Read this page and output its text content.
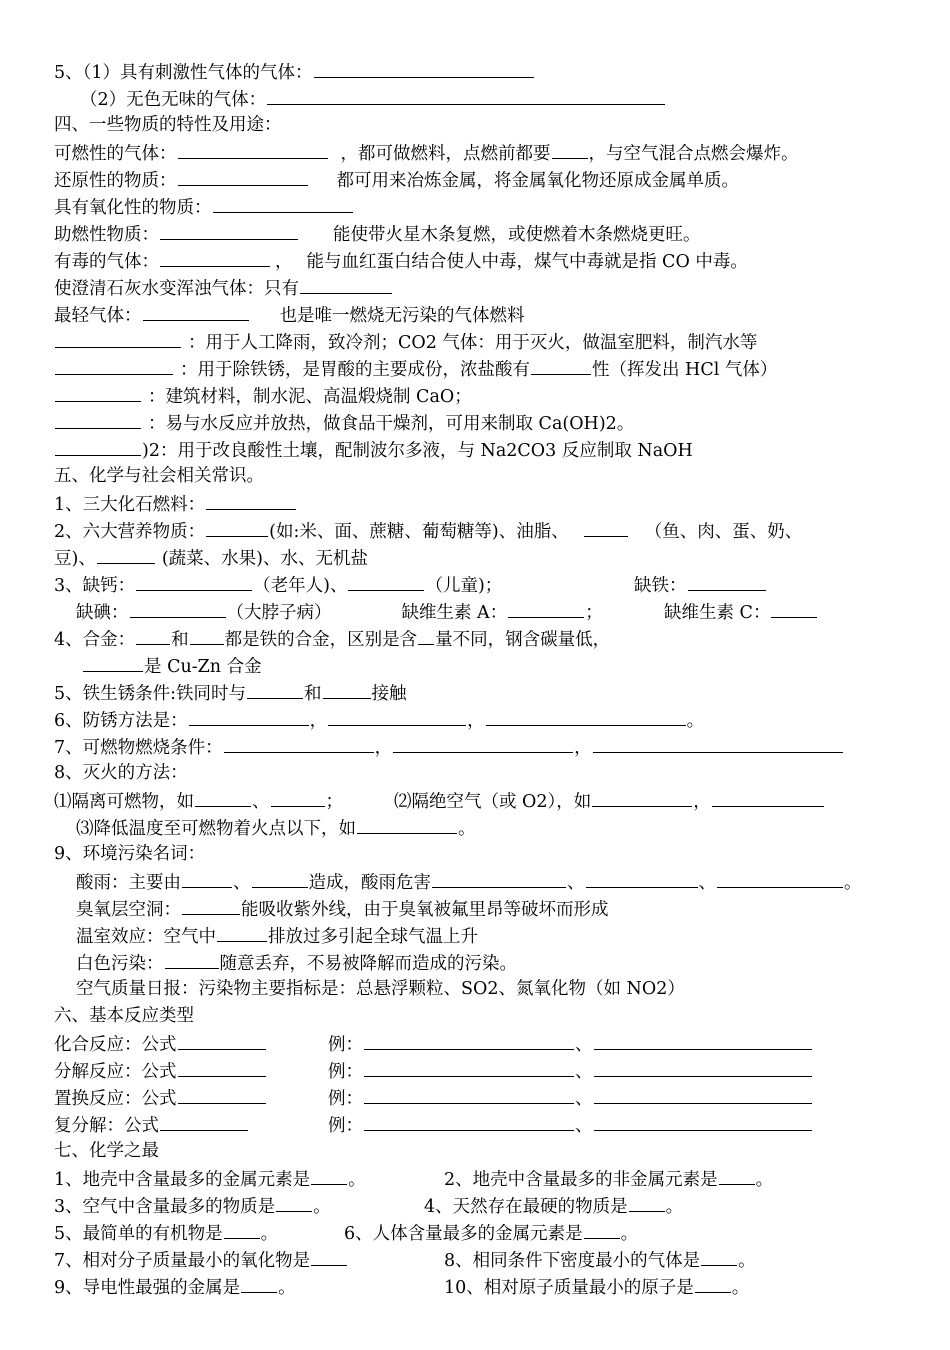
5、（1）具有刺激性气体的气体：
（2）无色无味的气体：
四、一些物质的特性及用途：
可燃性的气体：	，都可做燃料，点燃前都要 ，与空气混合点燃会爆炸。
还原性的物质：	都可用来冶炼金属，将金属氧化物还原成金属单质。
具有氧化性的物质：
助燃性物质：	能使带火星木条复燃，或使燃着木条燃烧更旺。
有毒的气体：	， 能与血红蛋白结合使人中毒，煤气中毒就是指 CO 中毒。
使澄清石灰水变浑浊气体：只有
最轻气体：	也是唯一燃烧无污染的气体燃料
：用于人工降雨，致冷剂；CO2 气体：用于灭火，做温室肥料，制汽水等
：用于除铁锈，是胃酸的主要成份，浓盐酸有	性（挥发出 HCl 气体）
：建筑材料，制水泥、高温煅烧制 CaO；
：易与水反应并放热，做食品干燥剂，可用来制取 Ca(OH)2。
)2：用于改良酸性土壤，配制波尔多液，与 Na2CO3 反应制取 NaOH
五、化学与社会相关常识。
1、三大化石燃料：
2、六大营养物质：	(如:米、面、蔗糖、葡萄糖等)、油脂、	（鱼、肉、蛋、奶、
豆)、	(蔬菜、水果)、水、无机盐
3、缺钙：	（老年人)、	（儿童)；	缺铁：
缺碘：	（大脖子病）	缺维生素 A：	；	缺维生素 C：
4、合金： 和 都是铁的合金，区别是含 量不同，钢含碳量低，
是 Cu-Zn 合金
5、铁生锈条件:铁同时与	和	接触
6、防锈方法是：	，	，	。
7、可燃物燃烧条件：	，	，
8、灭火的方法：
⑴隔离可燃物，如	、	；	⑵隔绝空气（或 O2），如	，
⑶降低温度至可燃物着火点以下，如	。
9、环境污染名词：
酸雨：主要由	、	造成，酸雨危害	、	、	。
臭氧层空洞：	能吸收紫外线，由于臭氧被氟里昂等破坏而形成
温室效应：空气中	排放过多引起全球气温上升
白色污染：	随意丢弃，不易被降解而造成的污染。
空气质量日报：污染物主要指标是：总悬浮颗粒、SO2、氮氧化物（如 NO2）
六、基本反应类型
化合反应：公式	例：	、
分解反应：公式	例：	、
置换反应：公式	例：	、
复分解：公式	例：	、
七、化学之最
1、地壳中含量最多的金属元素是 。	2、地壳中含量最多的非金属元素是 。
3、空气中含量最多的物质是 。	4、天然存在最硬的物质是 。
5、最简单的有机物是 。	6、人体含量最多的金属元素是 。
7、相对分子质量最小的氧化物是	8、相同条件下密度最小的气体是 。
9、导电性最强的金属是 。	10、相对原子质量最小的原子是 。
